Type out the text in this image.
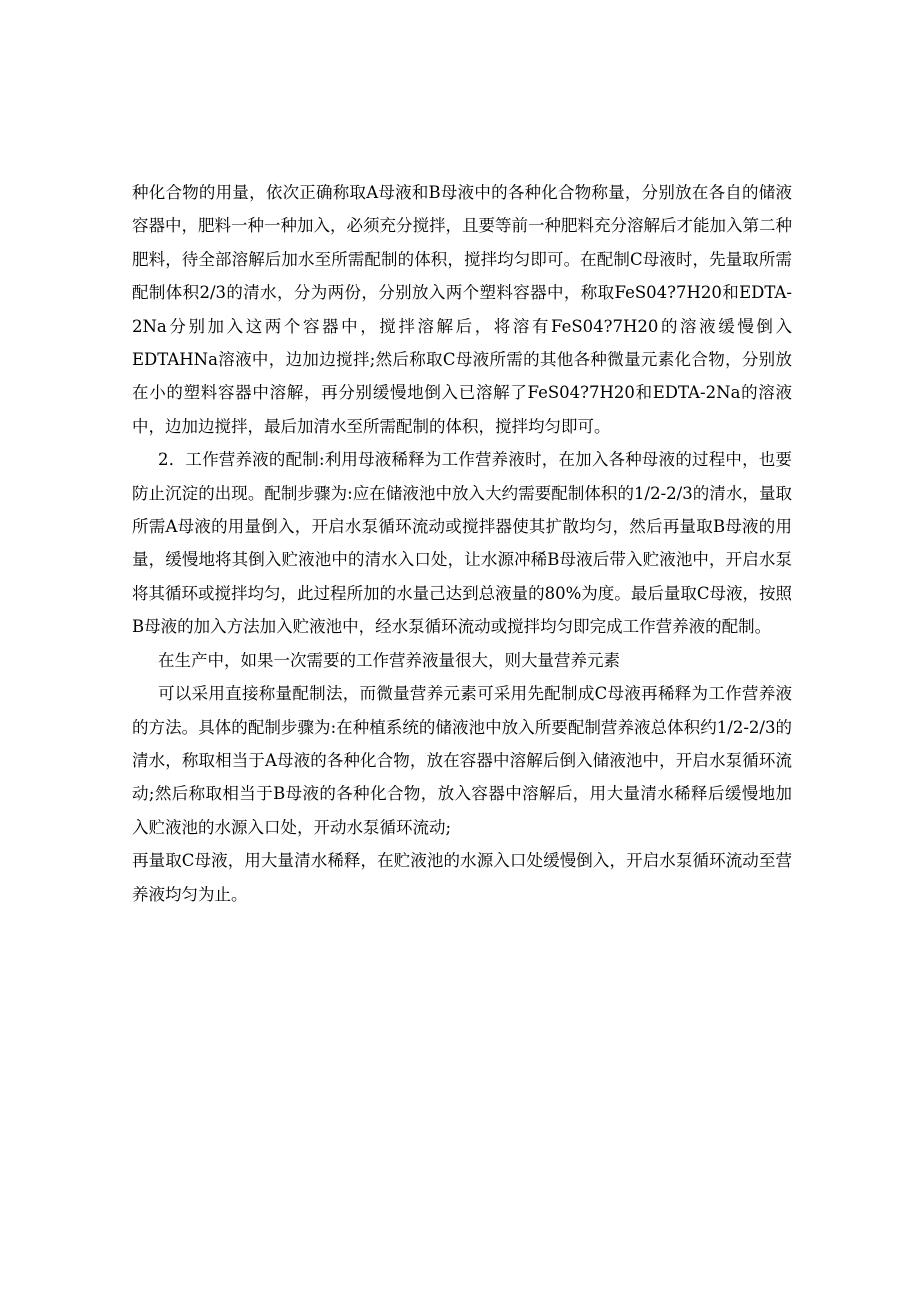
种化合物的用量，依次正确称取A母液和B母液中的各种化合物称量，分别放在各自的储液容器中，肥料一种一种加入，必须充分搅拌，且要等前一种肥料充分溶解后才能加入第二种肥料，待全部溶解后加水至所需配制的体积，搅拌均匀即可。在配制C母液时，先量取所需配制体积2/3的清水，分为两份，分别放入两个塑料容器中，称取FeS04?7H20和EDTA-2Na分别加入这两个容器中，搅拌溶解后，将溶有FeS04?7H20的溶液缓慢倒入EDTAHNa溶液中，边加边搅拌;然后称取C母液所需的其他各种微量元素化合物，分别放在小的塑料容器中溶解，再分别缓慢地倒入已溶解了FeS04?7H20和EDTA-2Na的溶液中，边加边搅拌，最后加清水至所需配制的体积，搅拌均匀即可。

2．工作营养液的配制:利用母液稀释为工作营养液时，在加入各种母液的过程中，也要防止沉淀的出现。配制步骤为:应在储液池中放入大约需要配制体积的1/2-2/3的清水，量取所需A母液的用量倒入，开启水泵循环流动或搅拌器使其扩散均匀，然后再量取B母液的用量，缓慢地将其倒入贮液池中的清水入口处，让水源冲稀B母液后带入贮液池中，开启水泵将其循环或搅拌均匀，此过程所加的水量己达到总液量的80%为度。最后量取C母液，按照B母液的加入方法加入贮液池中，经水泵循环流动或搅拌均匀即完成工作营养液的配制。

在生产中，如果一次需要的工作营养液量很大，则大量营养元素

可以采用直接称量配制法，而微量营养元素可采用先配制成C母液再稀释为工作营养液的方法。具体的配制步骤为:在种植系统的储液池中放入所要配制营养液总体积约1/2-2/3的清水，称取相当于A母液的各种化合物，放在容器中溶解后倒入储液池中，开启水泵循环流动;然后称取相当于B母液的各种化合物，放入容器中溶解后，用大量清水稀释后缓慢地加入贮液池的水源入口处，开动水泵循环流动;

再量取C母液，用大量清水稀释，在贮液池的水源入口处缓慢倒入，开启水泵循环流动至营养液均匀为止。
